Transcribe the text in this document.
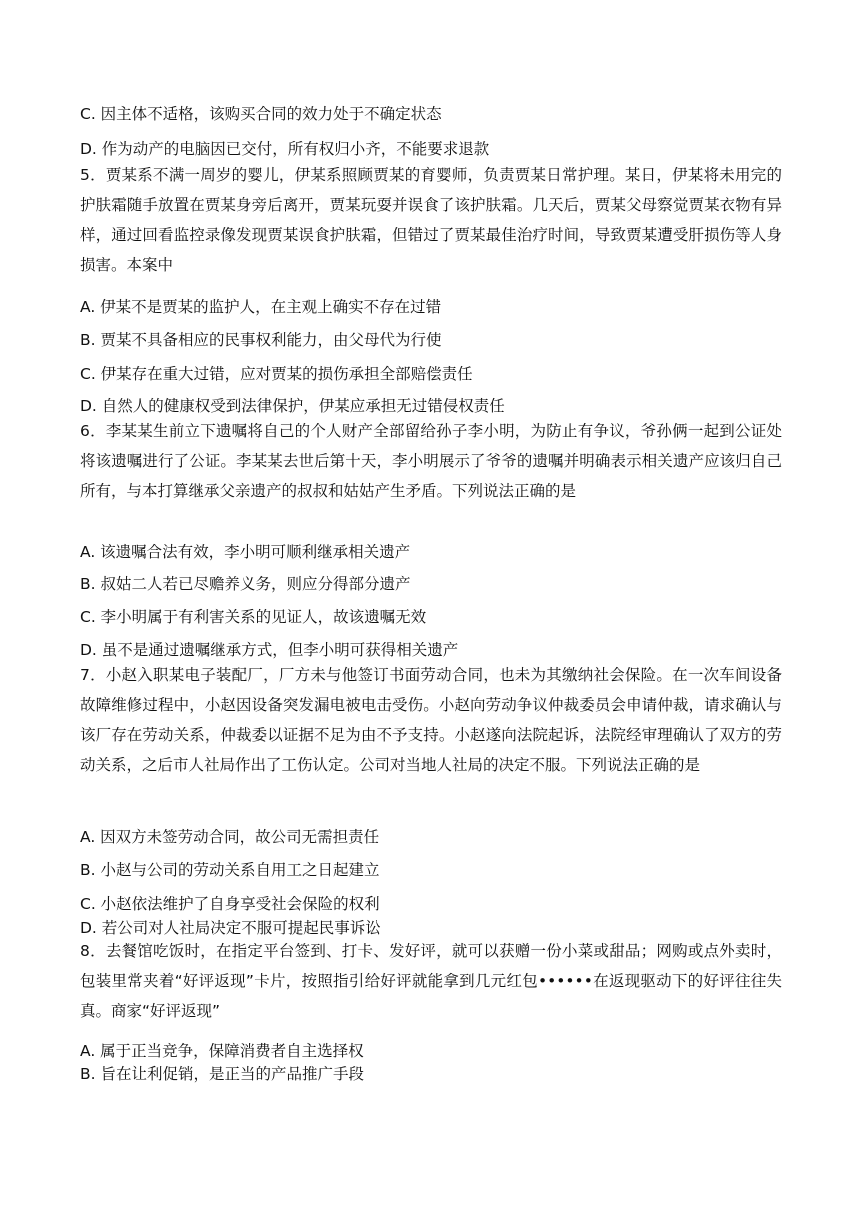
C. 因主体不适格，该购买合同的效力处于不确定状态
D. 作为动产的电脑因已交付，所有权归小齐，不能要求退款
5．贾某系不满一周岁的婴儿，伊某系照顾贾某的育婴师，负责贾某日常护理。某日，伊某将未用完的护肤霜随手放置在贾某身旁后离开，贾某玩耍并误食了该护肤霜。几天后，贾某父母察觉贾某衣物有异样，通过回看监控录像发现贾某误食护肤霜，但错过了贾某最佳治疗时间，导致贾某遭受肝损伤等人身损害。本案中
A. 伊某不是贾某的监护人，在主观上确实不存在过错
B. 贾某不具备相应的民事权利能力，由父母代为行使
C. 伊某存在重大过错，应对贾某的损伤承担全部赔偿责任
D. 自然人的健康权受到法律保护，伊某应承担无过错侵权责任
6．李某某生前立下遗嘱将自己的个人财产全部留给孙子李小明，为防止有争议，爷孙俩一起到公证处将该遗嘱进行了公证。李某某去世后第十天，李小明展示了爷爷的遗嘱并明确表示相关遗产应该归自己所有，与本打算继承父亲遗产的叔叔和姑姑产生矛盾。下列说法正确的是
A. 该遗嘱合法有效，李小明可顺利继承相关遗产
B. 叔姑二人若已尽赡养义务，则应分得部分遗产
C. 李小明属于有利害关系的见证人，故该遗嘱无效
D. 虽不是通过遗嘱继承方式，但李小明可获得相关遗产
7．小赵入职某电子装配厂，厂方未与他签订书面劳动合同，也未为其缴纳社会保险。在一次车间设备故障维修过程中，小赵因设备突发漏电被电击受伤。小赵向劳动争议仲裁委员会申请仲裁，请求确认与该厂存在劳动关系，仲裁委以证据不足为由不予支持。小赵遂向法院起诉，法院经审理确认了双方的劳动关系，之后市人社局作出了工伤认定。公司对当地人社局的决定不服。下列说法正确的是
A. 因双方未签劳动合同，故公司无需担责任
B. 小赵与公司的劳动关系自用工之日起建立
C. 小赵依法维护了自身享受社会保险的权利
D. 若公司对人社局决定不服可提起民事诉讼
8．去餐馆吃饭时，在指定平台签到、打卡、发好评，就可以获赠一份小菜或甜品；网购或点外卖时，包装里常夹着“好评返现”卡片，按照指引给好评就能拿到几元红包••••••在返现驱动下的好评往往失真。商家“好评返现”
A. 属于正当竞争，保障消费者自主选择权
B. 旨在让利促销，是正当的产品推广手段
